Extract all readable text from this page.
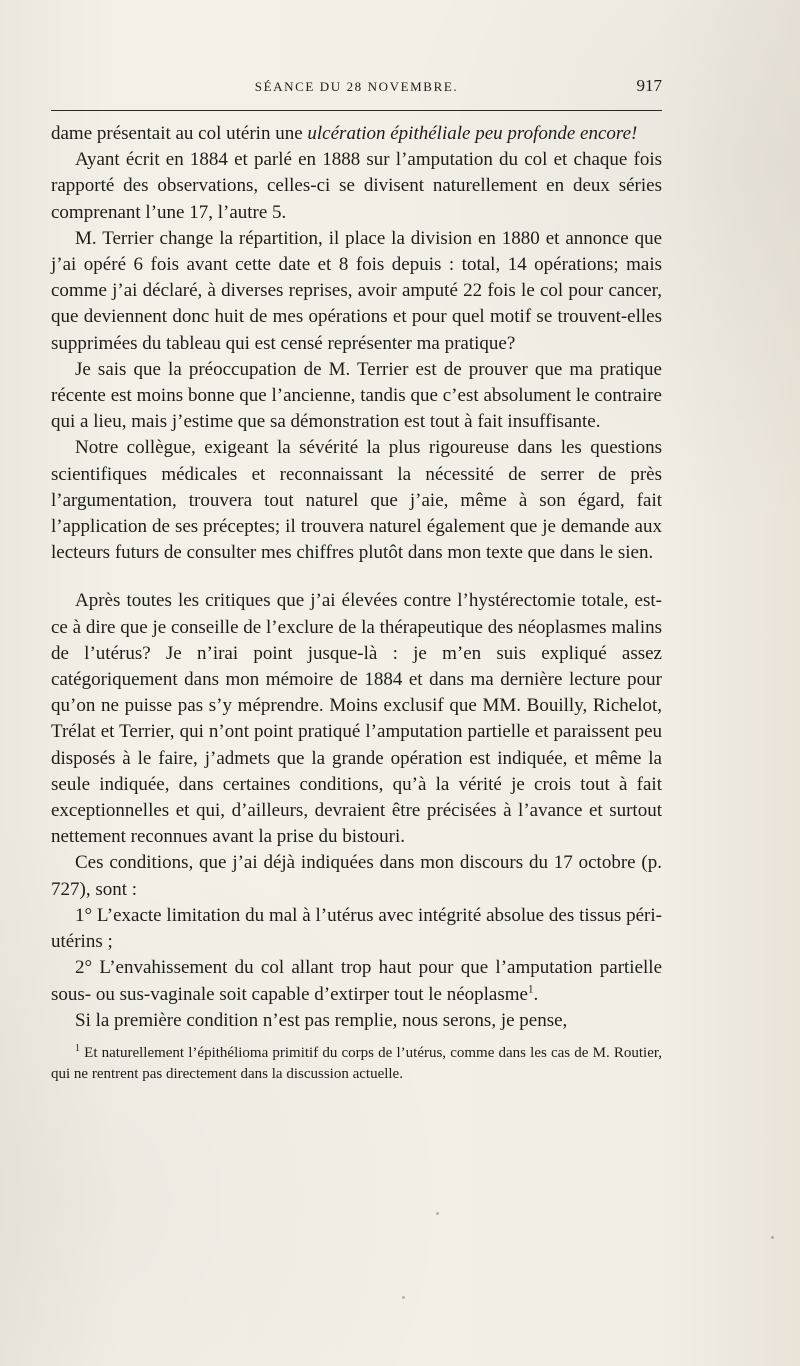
SÉANCE DU 28 NOVEMBRE.	917

dame présentait au col utérin une ulcération épithéliale peu profonde encore!

Ayant écrit en 1884 et parlé en 1888 sur l’amputation du col et chaque fois rapporté des observations, celles-ci se divisent naturellement en deux séries comprenant l’une 17, l’autre 5.

M. Terrier change la répartition, il place la division en 1880 et annonce que j’ai opéré 6 fois avant cette date et 8 fois depuis : total, 14 opérations; mais comme j’ai déclaré, à diverses reprises, avoir amputé 22 fois le col pour cancer, que deviennent donc huit de mes opérations et pour quel motif se trouvent-elles supprimées du tableau qui est censé représenter ma pratique?

Je sais que la préoccupation de M. Terrier est de prouver que ma pratique récente est moins bonne que l’ancienne, tandis que c’est absolument le contraire qui a lieu, mais j’estime que sa démonstration est tout à fait insuffisante.

Notre collègue, exigeant la sévérité la plus rigoureuse dans les questions scientifiques médicales et reconnaissant la nécessité de serrer de près l’argumentation, trouvera tout naturel que j’aie, même à son égard, fait l’application de ses préceptes; il trouvera naturel également que je demande aux lecteurs futurs de consulter mes chiffres plutôt dans mon texte que dans le sien.

Après toutes les critiques que j’ai élevées contre l’hystérectomie totale, est-ce à dire que je conseille de l’exclure de la thérapeutique des néoplasmes malins de l’utérus? Je n’irai point jusque-là : je m’en suis expliqué assez catégoriquement dans mon mémoire de 1884 et dans ma dernière lecture pour qu’on ne puisse pas s’y méprendre. Moins exclusif que MM. Bouilly, Richelot, Trélat et Terrier, qui n’ont point pratiqué l’amputation partielle et paraissent peu disposés à le faire, j’admets que la grande opération est indiquée, et même la seule indiquée, dans certaines conditions, qu’à la vérité je crois tout à fait exceptionnelles et qui, d’ailleurs, devraient être précisées à l’avance et surtout nettement reconnues avant la prise du bistouri.

Ces conditions, que j’ai déjà indiquées dans mon discours du 17 octobre (p. 727), sont :

1° L’exacte limitation du mal à l’utérus avec intégrité absolue des tissus péri-utérins ;

2° L’envahissement du col allant trop haut pour que l’amputation partielle sous- ou sus-vaginale soit capable d’extirper tout le néoplasme$^1$.

Si la première condition n’est pas remplie, nous serons, je pense,

$^1$ Et naturellement l’épithélioma primitif du corps de l’utérus, comme dans les cas de M. Routier, qui ne rentrent pas directement dans la discussion actuelle.
